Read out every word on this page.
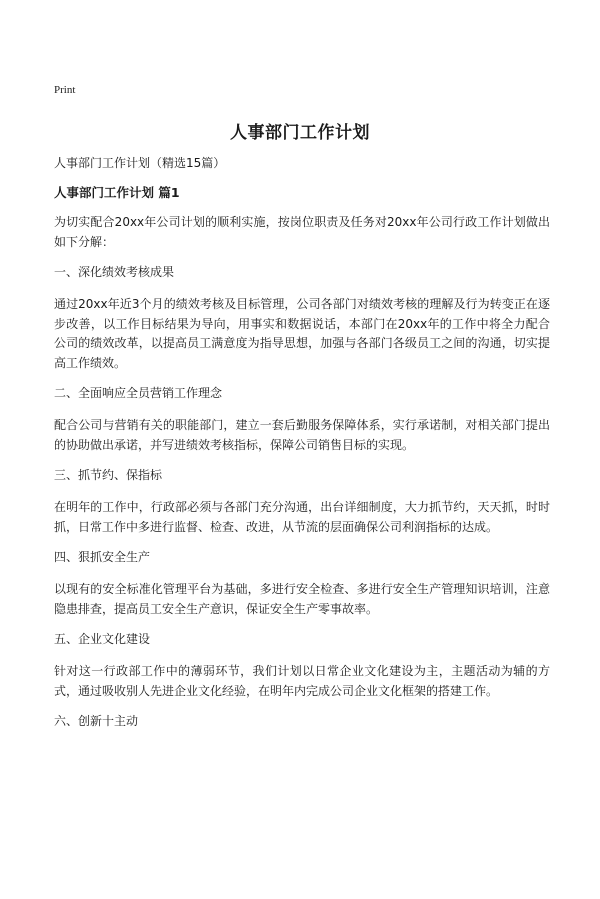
Print
人事部门工作计划
人事部门工作计划（精选15篇）
人事部门工作计划 篇1
为切实配合20xx年公司计划的顺利实施，按岗位职责及任务对20xx年公司行政工作计划做出如下分解：
一、深化绩效考核成果
通过20xx年近3个月的绩效考核及目标管理，公司各部门对绩效考核的理解及行为转变正在逐步改善，以工作目标结果为导向，用事实和数据说话，本部门在20xx年的工作中将全力配合公司的绩效改革，以提高员工满意度为指导思想，加强与各部门各级员工之间的沟通，切实提高工作绩效。
二、全面响应全员营销工作理念
配合公司与营销有关的职能部门，建立一套后勤服务保障体系，实行承诺制，对相关部门提出的协助做出承诺，并写进绩效考核指标，保障公司销售目标的实现。
三、抓节约、保指标
在明年的工作中，行政部必须与各部门充分沟通，出台详细制度，大力抓节约，天天抓，时时抓，日常工作中多进行监督、检查、改进，从节流的层面确保公司利润指标的达成。
四、狠抓安全生产
以现有的安全标准化管理平台为基础，多进行安全检查、多进行安全生产管理知识培训，注意隐患排查，提高员工安全生产意识，保证安全生产零事故率。
五、企业文化建设
针对这一行政部工作中的薄弱环节，我们计划以日常企业文化建设为主，主题活动为辅的方式，通过吸收别人先进企业文化经验，在明年内完成公司企业文化框架的搭建工作。
六、创新十主动
